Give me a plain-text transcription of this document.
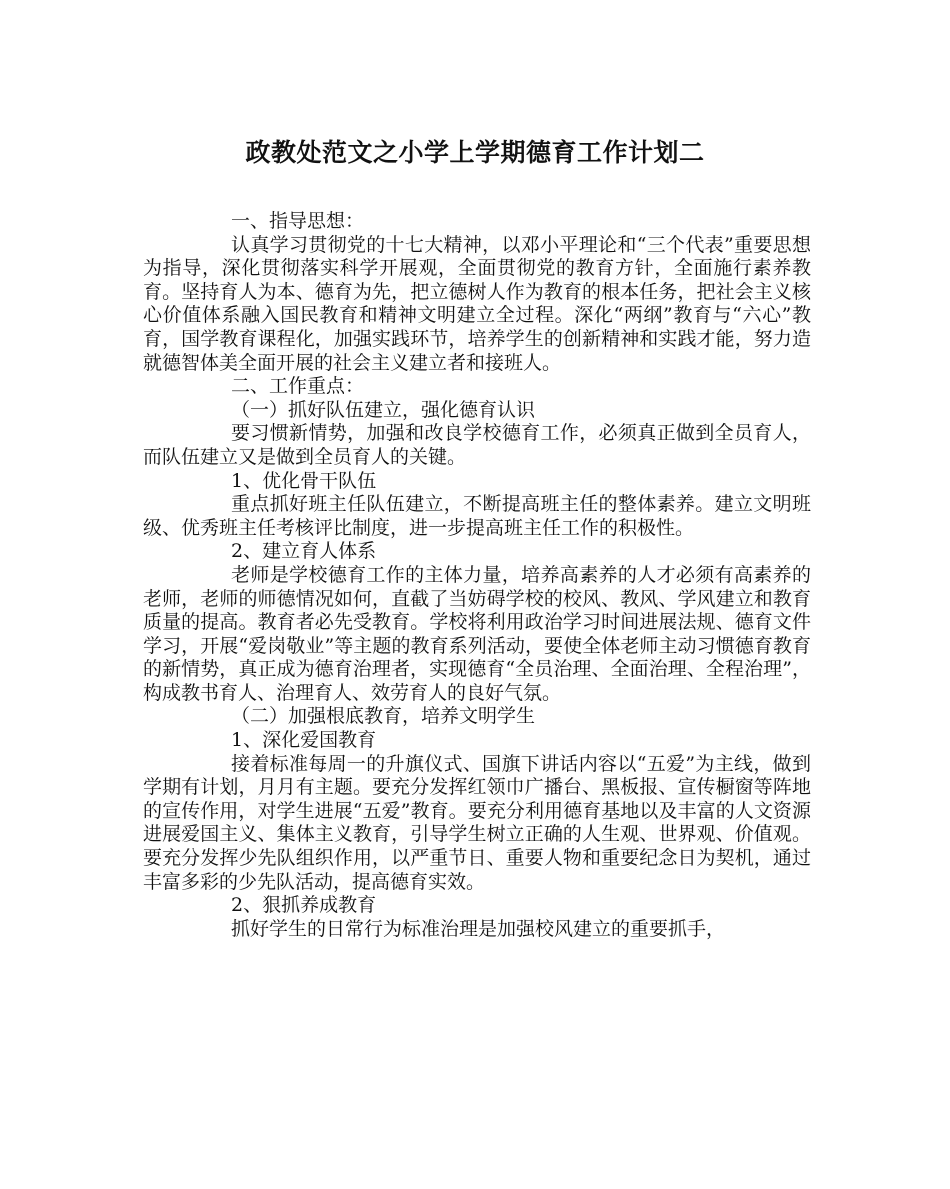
政教处范文之小学上学期德育工作计划二

一、指导思想：

认真学习贯彻党的十七大精神，以邓小平理论和“三个代表”重要思想为指导，深化贯彻落实科学开展观，全面贯彻党的教育方针，全面施行素养教育。坚持育人为本、德育为先，把立德树人作为教育的根本任务，把社会主义核心价值体系融入国民教育和精神文明建立全过程。深化“两纲”教育与“六心”教育，国学教育课程化，加强实践环节，培养学生的创新精神和实践才能，努力造就德智体美全面开展的社会主义建立者和接班人。

二、工作重点：

（一）抓好队伍建立，强化德育认识

要习惯新情势，加强和改良学校德育工作，必须真正做到全员育人，而队伍建立又是做到全员育人的关键。

1、优化骨干队伍

重点抓好班主任队伍建立，不断提高班主任的整体素养。建立文明班级、优秀班主任考核评比制度，进一步提高班主任工作的积极性。

2、建立育人体系

老师是学校德育工作的主体力量，培养高素养的人才必须有高素养的老师，老师的师德情况如何，直截了当妨碍学校的校风、教风、学风建立和教育质量的提高。教育者必先受教育。学校将利用政治学习时间进展法规、德育文件学习，开展“爱岗敬业”等主题的教育系列活动，要使全体老师主动习惯德育教育的新情势，真正成为德育治理者，实现德育“全员治理、全面治理、全程治理”，构成教书育人、治理育人、效劳育人的良好气氛。

（二）加强根底教育，培养文明学生

1、深化爱国教育

接着标准每周一的升旗仪式、国旗下讲话内容以“五爱”为主线，做到学期有计划，月月有主题。要充分发挥红领巾广播台、黑板报、宣传橱窗等阵地的宣传作用，对学生进展“五爱”教育。要充分利用德育基地以及丰富的人文资源进展爱国主义、集体主义教育，引导学生树立正确的人生观、世界观、价值观。要充分发挥少先队组织作用，以严重节日、重要人物和重要纪念日为契机，通过丰富多彩的少先队活动，提高德育实效。

2、狠抓养成教育

抓好学生的日常行为标准治理是加强校风建立的重要抓手，
